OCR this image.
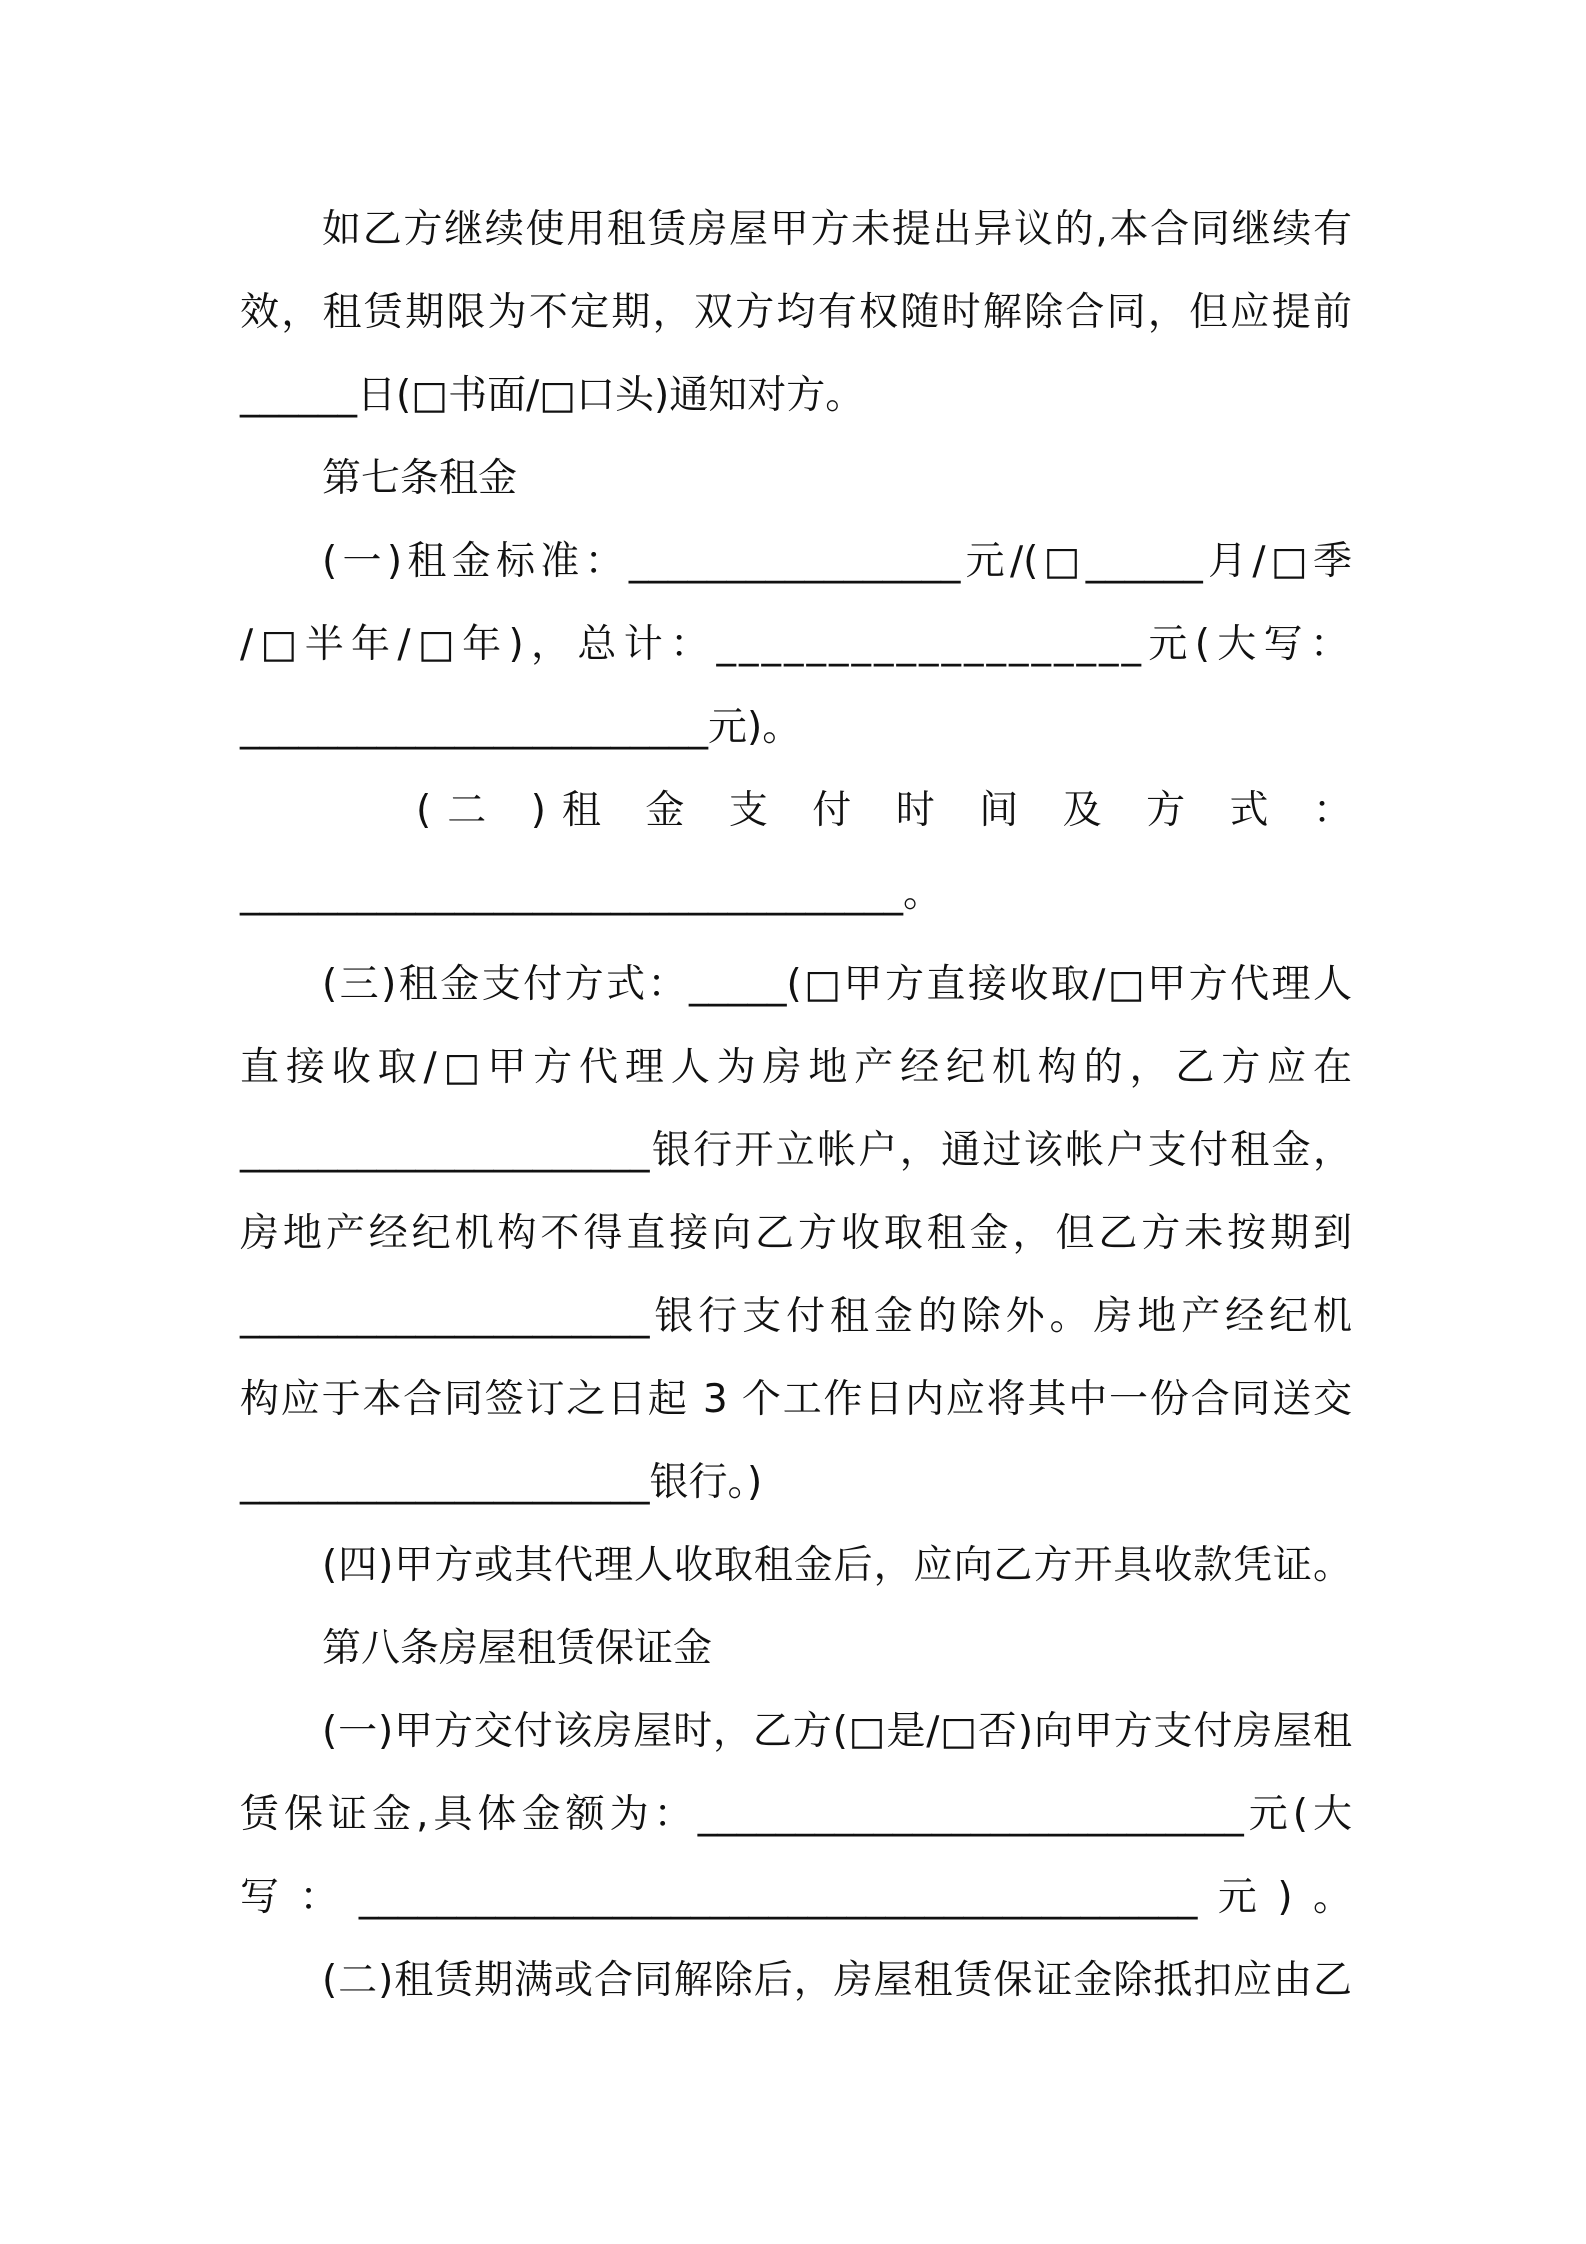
如乙方继续使用租赁房屋甲方未提出异议的,本合同继续有
效，租赁期限为不定期，双方均有权随时解除合同，但应提前
______日(□书面/□口头)通知对方。
第七条租金
(一)租金标准：_________________元/(□______月/□季
/□半年/□年)，总计：___________________元(大写：
________________________元)。
(二 )租 金 支 付 时 间 及 方 式 ：
__________________________________。
(三)租金支付方式：_____(□甲方直接收取/□甲方代理人
直接收取/□甲方代理人为房地产经纪机构的，乙方应在
_____________________银行开立帐户，通过该帐户支付租金，
房地产经纪机构不得直接向乙方收取租金，但乙方未按期到
_____________________银行支付租金的除外。房地产经纪机
构应于本合同签订之日起 3 个工作日内应将其中一份合同送交
_____________________银行。)
(四)甲方或其代理人收取租金后，应向乙方开具收款凭证。
第八条房屋租赁保证金
(一)甲方交付该房屋时，乙方(□是/□否)向甲方支付房屋租
赁保证金,具体金额为：____________________________元(大
写：___________________________________________元)。
(二)租赁期满或合同解除后，房屋租赁保证金除抵扣应由乙
